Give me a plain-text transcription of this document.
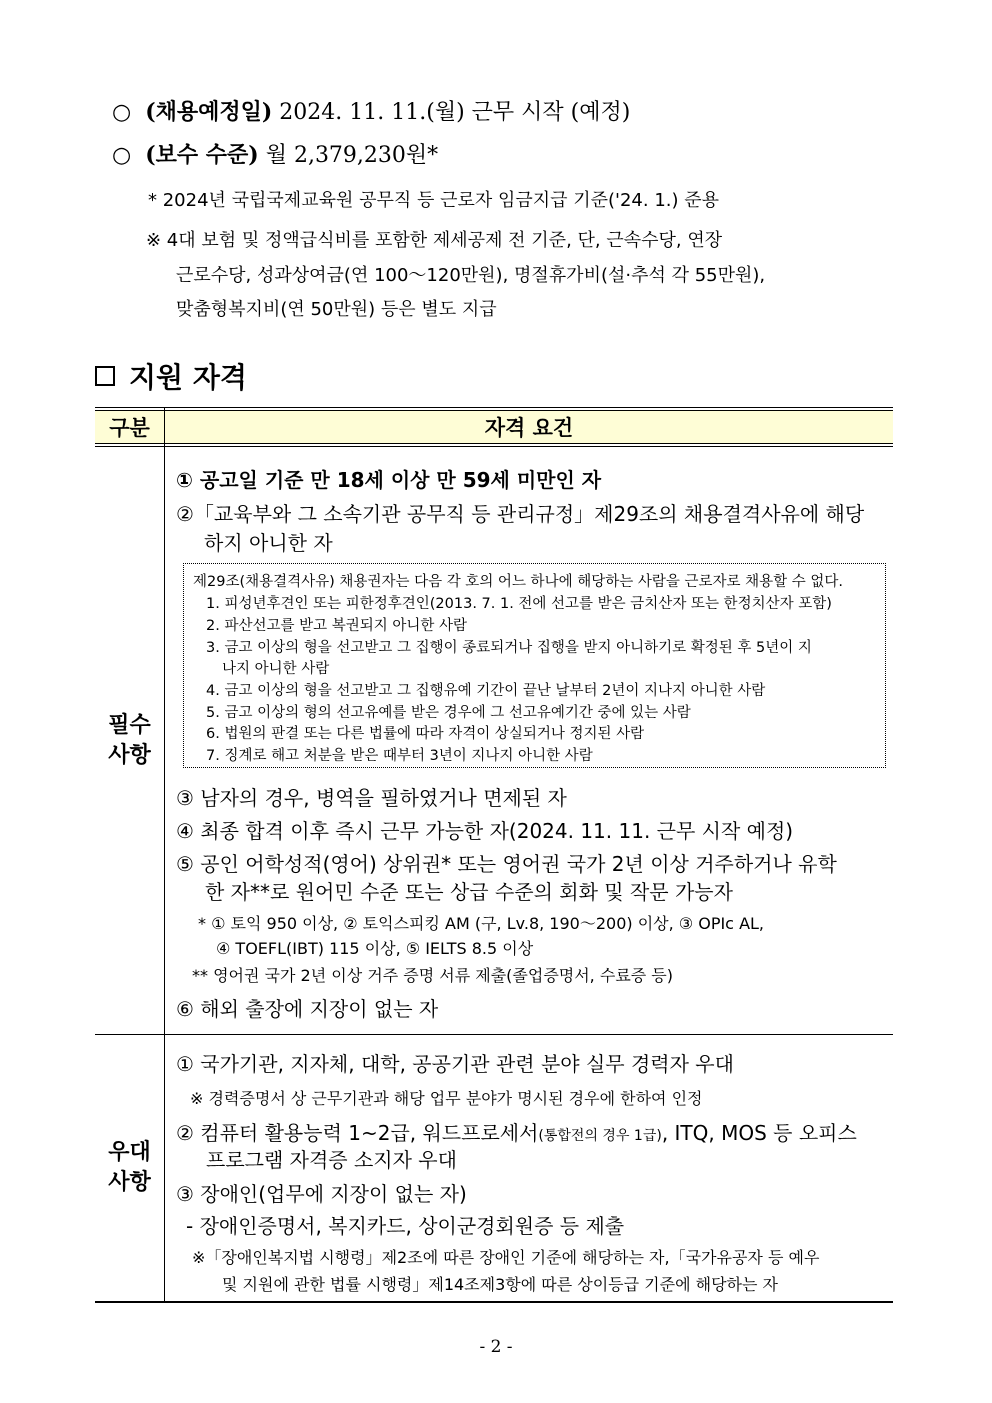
○ (채용예정일) 2024. 11. 11.(월) 근무 시작 (예정)
○ (보수 수준) 월 2,379,230원*
* 2024년 국립국제교육원 공무직 등 근로자 임금지급 기준('24. 1.) 준용
※ 4대 보험 및 정액급식비를 포함한 제세공제 전 기준, 단, 근속수당, 연장
근로수당, 성과상여금(연 100～120만원), 명절휴가비(설·추석 각 55만원),
맞춤형복지비(연 50만원) 등은 별도 지급
지원 자격
구분	자격 요건
필수
사항
우대
사항
① 공고일 기준 만 18세 이상 만 59세 미만인 자
②「교육부와 그 소속기관 공무직 등 관리규정」제29조의 채용결격사유에 해당
하지 아니한 자
제29조(채용결격사유) 채용권자는 다음 각 호의 어느 하나에 해당하는 사람을 근로자로 채용할 수 없다.
1. 피성년후견인 또는 피한정후견인(2013. 7. 1. 전에 선고를 받은 금치산자 또는 한정치산자 포함)
2. 파산선고를 받고 복권되지 아니한 사람
3. 금고 이상의 형을 선고받고 그 집행이 종료되거나 집행을 받지 아니하기로 확정된 후 5년이 지
나지 아니한 사람
4. 금고 이상의 형을 선고받고 그 집행유예 기간이 끝난 날부터 2년이 지나지 아니한 사람
5. 금고 이상의 형의 선고유예를 받은 경우에 그 선고유예기간 중에 있는 사람
6. 법원의 판결 또는 다른 법률에 따라 자격이 상실되거나 정지된 사람
7. 징계로 해고 처분을 받은 때부터 3년이 지나지 아니한 사람
③ 남자의 경우, 병역을 필하였거나 면제된 자
④ 최종 합격 이후 즉시 근무 가능한 자(2024. 11. 11. 근무 시작 예정)
⑤ 공인 어학성적(영어) 상위권* 또는 영어권 국가 2년 이상 거주하거나 유학
한 자**로 원어민 수준 또는 상급 수준의 회화 및 작문 가능자
* ① 토익 950 이상, ② 토익스피킹 AM (구, Lv.8, 190～200) 이상, ③ OPIc AL,
④ TOEFL(IBT) 115 이상, ⑤ IELTS 8.5 이상
** 영어권 국가 2년 이상 거주 증명 서류 제출(졸업증명서, 수료증 등)
⑥ 해외 출장에 지장이 없는 자
① 국가기관, 지자체, 대학, 공공기관 관련 분야 실무 경력자 우대
※ 경력증명서 상 근무기관과 해당 업무 분야가 명시된 경우에 한하여 인정
② 컴퓨터 활용능력 1~2급, 워드프로세서(통합전의 경우 1급), ITQ, MOS 등 오피스
프로그램 자격증 소지자 우대
③ 장애인(업무에 지장이 없는 자)
- 장애인증명서, 복지카드, 상이군경회원증 등 제출
※「장애인복지법 시행령」제2조에 따른 장애인 기준에 해당하는 자,「국가유공자 등 예우
및 지원에 관한 법률 시행령」제14조제3항에 따른 상이등급 기준에 해당하는 자
- 2 -
